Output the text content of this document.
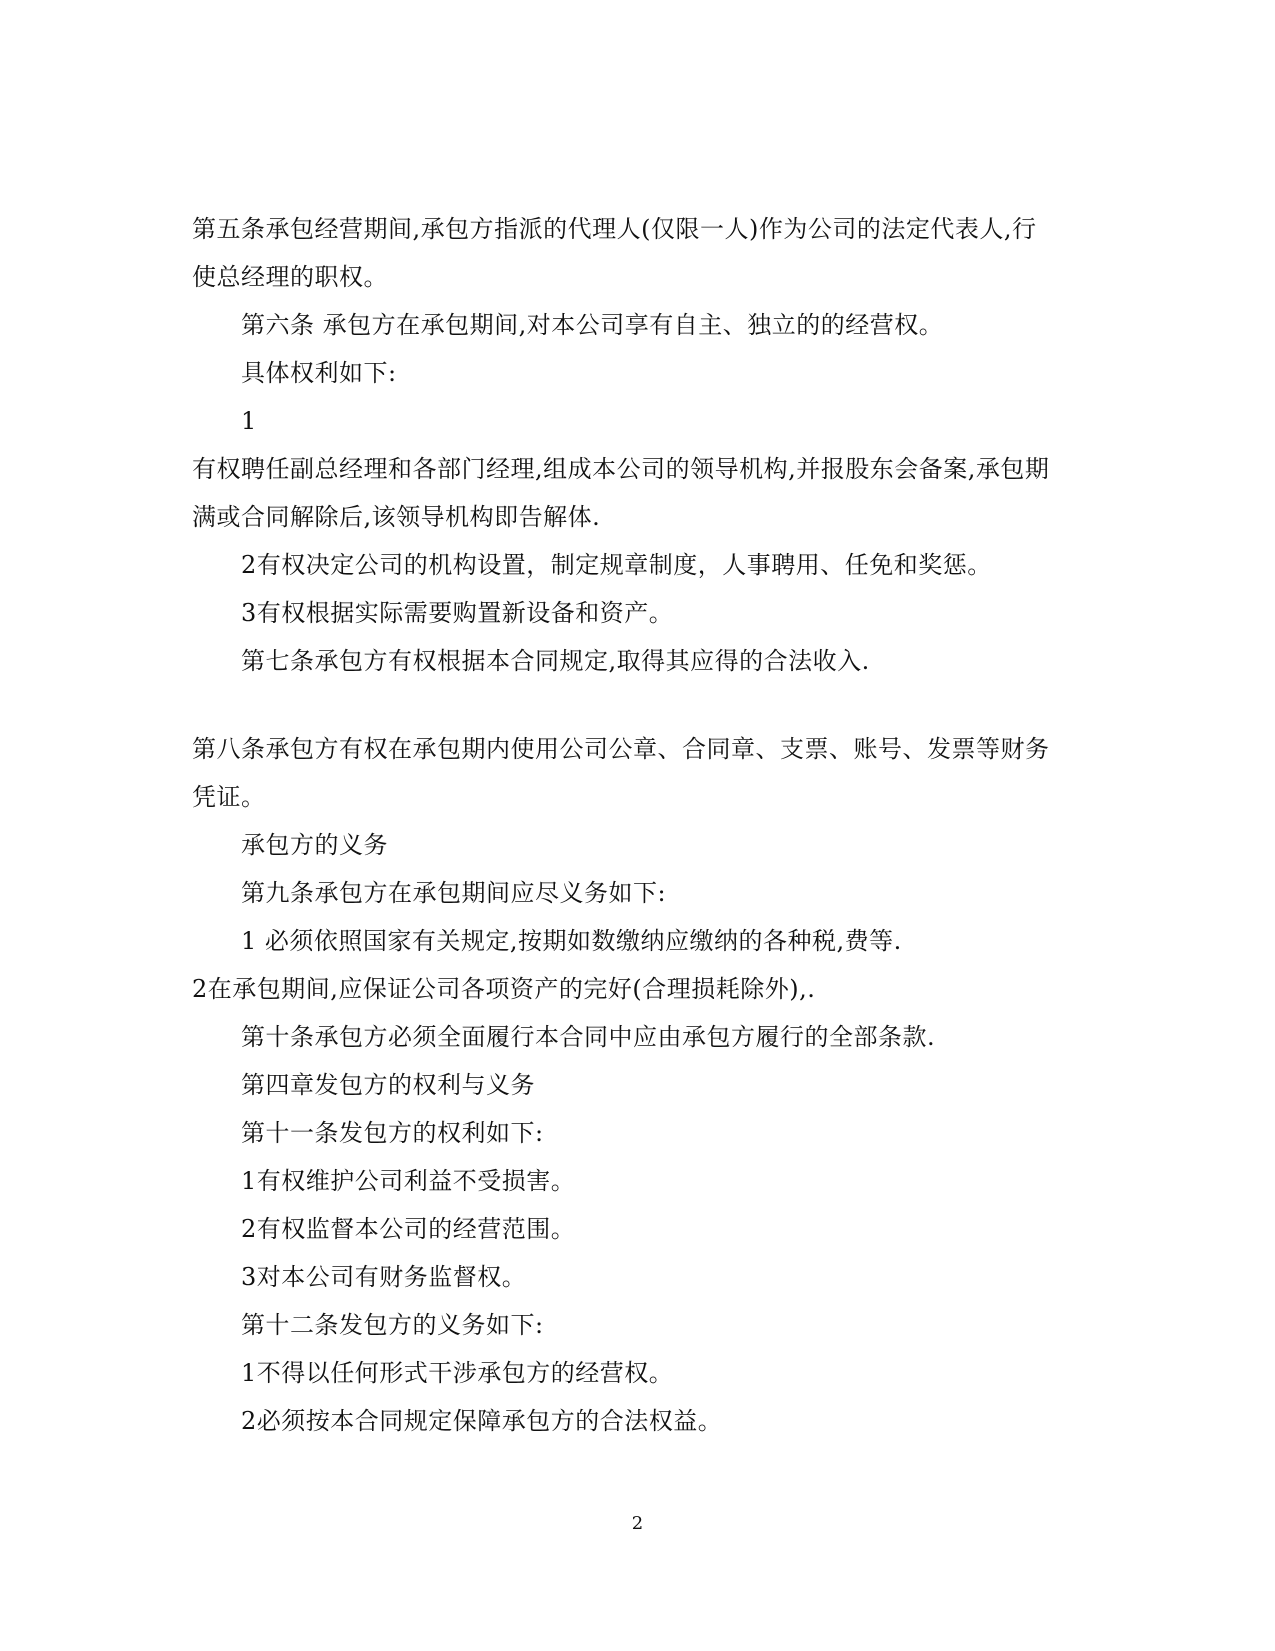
第五条承包经营期间,承包方指派的代理人(仅限一人)作为公司的法定代表人,行
使总经理的职权。
第六条 承包方在承包期间,对本公司享有自主、独立的的经营权。
具体权利如下:
1
有权聘任副总经理和各部门经理,组成本公司的领导机构,并报股东会备案,承包期
满或合同解除后,该领导机构即告解体.
2有权决定公司的机构设置，制定规章制度，人事聘用、任免和奖惩。
3有权根据实际需要购置新设备和资产。
第七条承包方有权根据本合同规定,取得其应得的合法收入.
第八条承包方有权在承包期内使用公司公章、合同章、支票、账号、发票等财务
凭证。
承包方的义务
第九条承包方在承包期间应尽义务如下:
1 必须依照国家有关规定,按期如数缴纳应缴纳的各种税,费等.
2在承包期间,应保证公司各项资产的完好(合理损耗除外),.
第十条承包方必须全面履行本合同中应由承包方履行的全部条款.
第四章发包方的权利与义务
第十一条发包方的权利如下:
1有权维护公司利益不受损害。
2有权监督本公司的经营范围。
3对本公司有财务监督权。
第十二条发包方的义务如下:
1不得以任何形式干涉承包方的经营权。
2必须按本合同规定保障承包方的合法权益。
2
